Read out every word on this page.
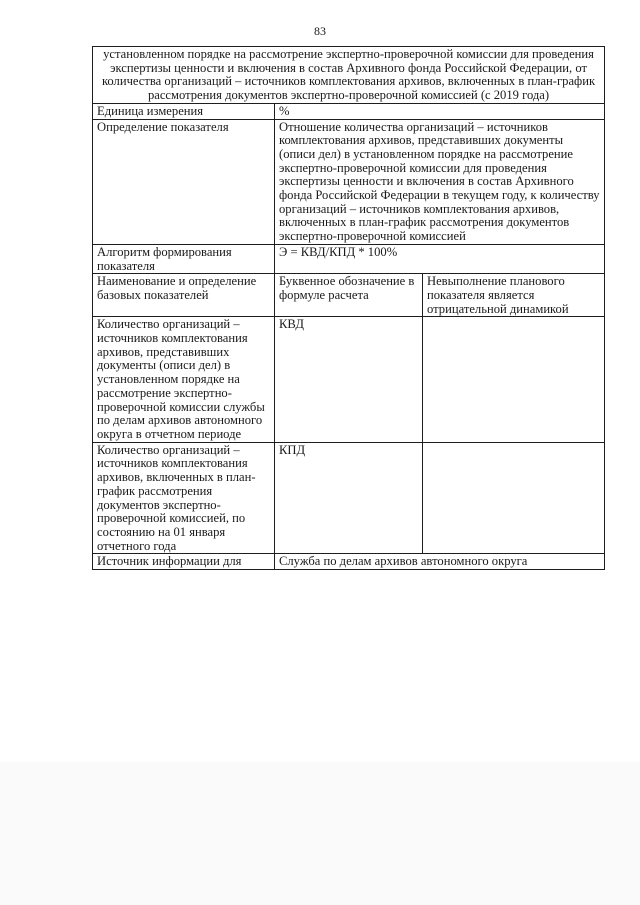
83
установленном порядке на рассмотрение экспертно-проверочной комиссии для проведения экспертизы ценности и включения в состав Архивного фонда Российской Федерации, от количества организаций – источников комплектования архивов, включенных в план-график рассмотрения документов экспертно-проверочной комиссией (с 2019 года)		
Единица измерения	%	
Определение показателя	Отношение количества организаций – источников комплектования архивов, представивших документы (описи дел) в установленном порядке на рассмотрение экспертно-проверочной комиссии для проведения экспертизы ценности и включения в состав Архивного фонда Российской Федерации в текущем году, к количеству организаций – источников комплектования архивов, включенных в план-график рассмотрения документов экспертно-проверочной комиссией	
Алгоритм формирования показателя	Э = КВД/КПД * 100%	
Наименование и определение базовых показателей	Буквенное обозначение в формуле расчета	Невыполнение планового показателя является отрицательной динамикой
Количество организаций – источников комплектования архивов, представивших документы (описи дел) в установленном порядке на рассмотрение экспертно-проверочной комиссии службы по делам архивов автономного округа в отчетном периоде	КВД	
Количество организаций – источников комплектования архивов, включенных в план-график рассмотрения документов экспертно-проверочной комиссией, по состоянию на 01 января отчетного года	КПД	
Источник информации для	Служба по делам архивов автономного округа	
